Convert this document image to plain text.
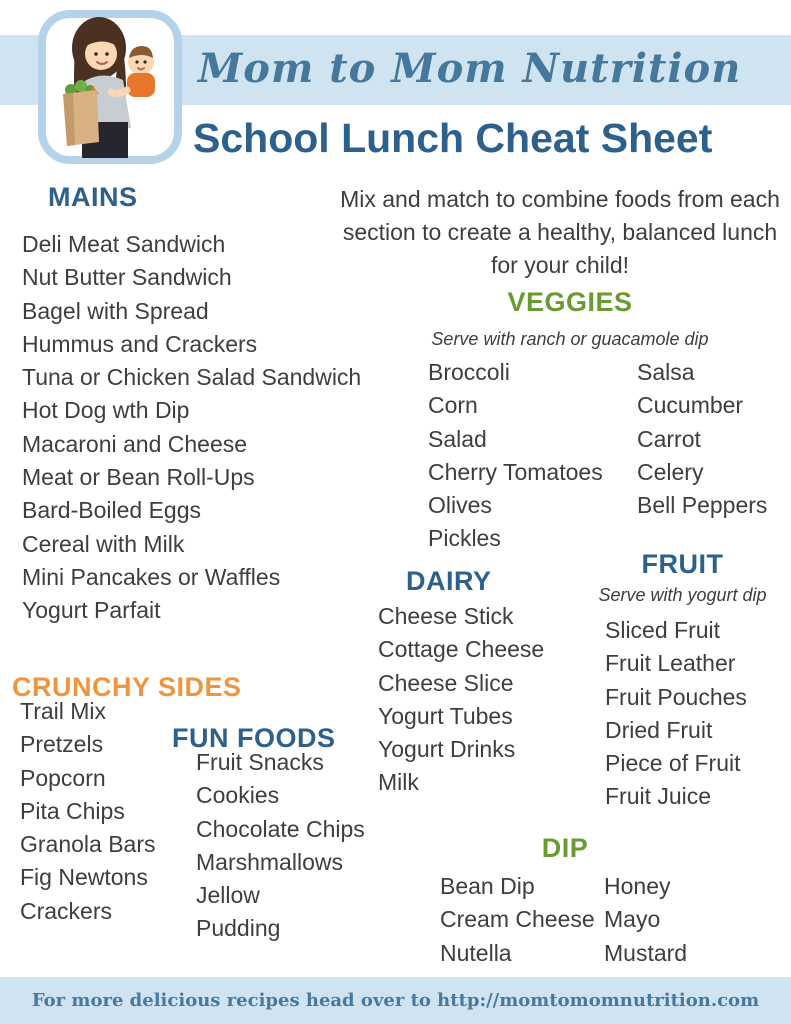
Mom to Mom Nutrition
School Lunch Cheat Sheet
MAINS
Deli Meat Sandwich
Nut Butter Sandwich
Bagel with Spread
Hummus and Crackers
Tuna or Chicken Salad Sandwich
Hot Dog wth Dip
Macaroni and Cheese
Meat or Bean Roll-Ups
Bard-Boiled Eggs
Cereal with Milk
Mini Pancakes or Waffles
Yogurt Parfait
Mix and match to combine foods from each section to create a healthy, balanced lunch for your child!
VEGGIES
Serve with ranch or guacamole dip
Broccoli
Corn
Salad
Cherry Tomatoes
Olives
Pickles
Salsa
Cucumber
Carrot
Celery
Bell Peppers
DAIRY
Cheese Stick
Cottage Cheese
Cheese Slice
Yogurt Tubes
Yogurt Drinks
Milk
FRUIT
Serve with yogurt dip
Sliced Fruit
Fruit Leather
Fruit Pouches
Dried Fruit
Piece of Fruit
Fruit Juice
CRUNCHY SIDES
Trail Mix
Pretzels
Popcorn
Pita Chips
Granola Bars
Fig Newtons
Crackers
FUN FOODS
Fruit Snacks
Cookies
Chocolate Chips
Marshmallows
Jellow
Pudding
DIP
Bean Dip
Cream Cheese
Nutella
Honey
Mayo
Mustard
For more delicious recipes head over to http://momtomomnutrition.com
